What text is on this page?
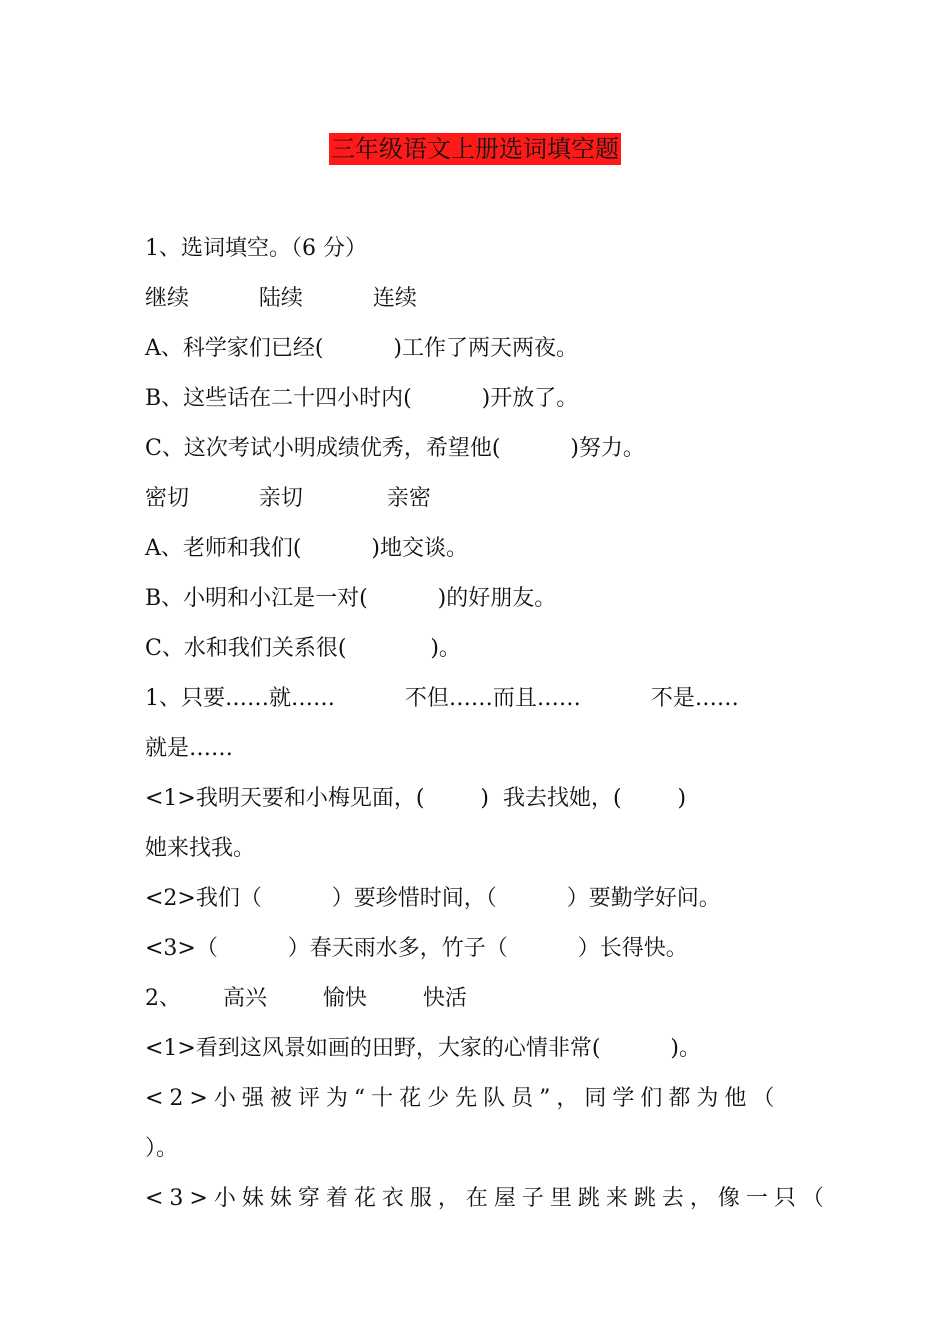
三年级语文上册选词填空题
1、选词填空。（6 分）
继续          陆续          连续
A、科学家们已经(          )工作了两天两夜。
B、这些话在二十四小时内(          )开放了。
C、这次考试小明成绩优秀，希望他(          )努力。
密切          亲切            亲密
A、老师和我们(          )地交谈。
B、小明和小江是一对(          )的好朋友。
C、水和我们关系很(            )。
1、只要……就……          不但……而且……          不是……
就是……
<1>我明天要和小梅见面，(        )  我去找她，(        )
她来找我。
<2>我们（          ）要珍惜时间，（          ）要勤学好问。
<3>（          ）春天雨水多，竹子（          ）长得快。
2、      高兴        愉快        快活
<1>看到这风景如画的田野，大家的心情非常(          )。
<2>小强被评为“十花少先队员”，同学们都为他（
）。
<3>小妹妹穿着花衣服，在屋子里跳来跳去，像一只（
